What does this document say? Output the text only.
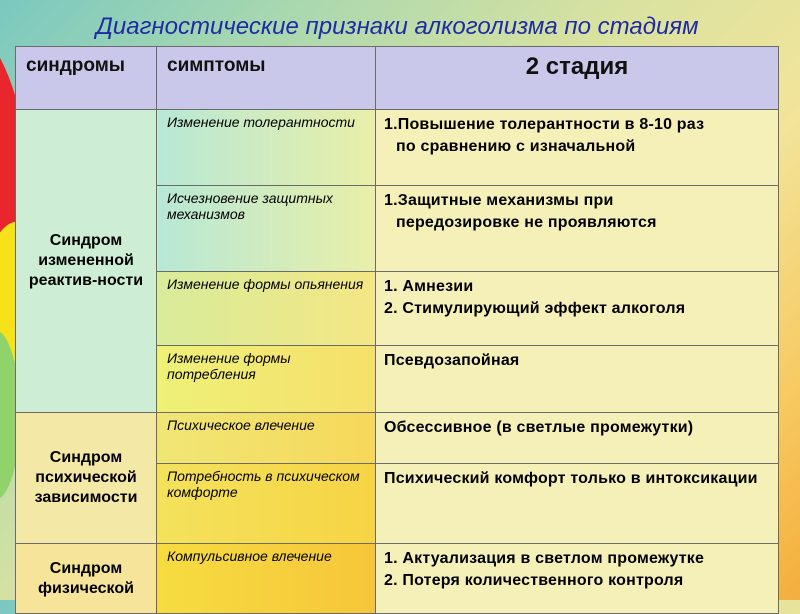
Диагностические признаки алкоголизма по стадиям
синдромы	симптомы	2 стадия
Синдром измененной реактив-ности	Изменение толерантности	1.Повышение толерантности в 8-10 раз
по сравнению с изначальной

	Исчезновение защитных механизмов	1.Защитные механизмы при
передозировке не проявляются

	Изменение формы опьянения	1. Амнезии
2. Стимулирующий эффект алкоголя

	Изменение формы потребления	Псевдозапойная

Синдром психической зависимости	Психическое влечение	Обсессивное (в светлые промежутки)

	Потребность в психическом комфорте	Психический комфорт только в интоксикации

Синдром физической	Компульсивное влечение	1. Актуализация в светлом промежутке
2. Потеря количественного контроля
